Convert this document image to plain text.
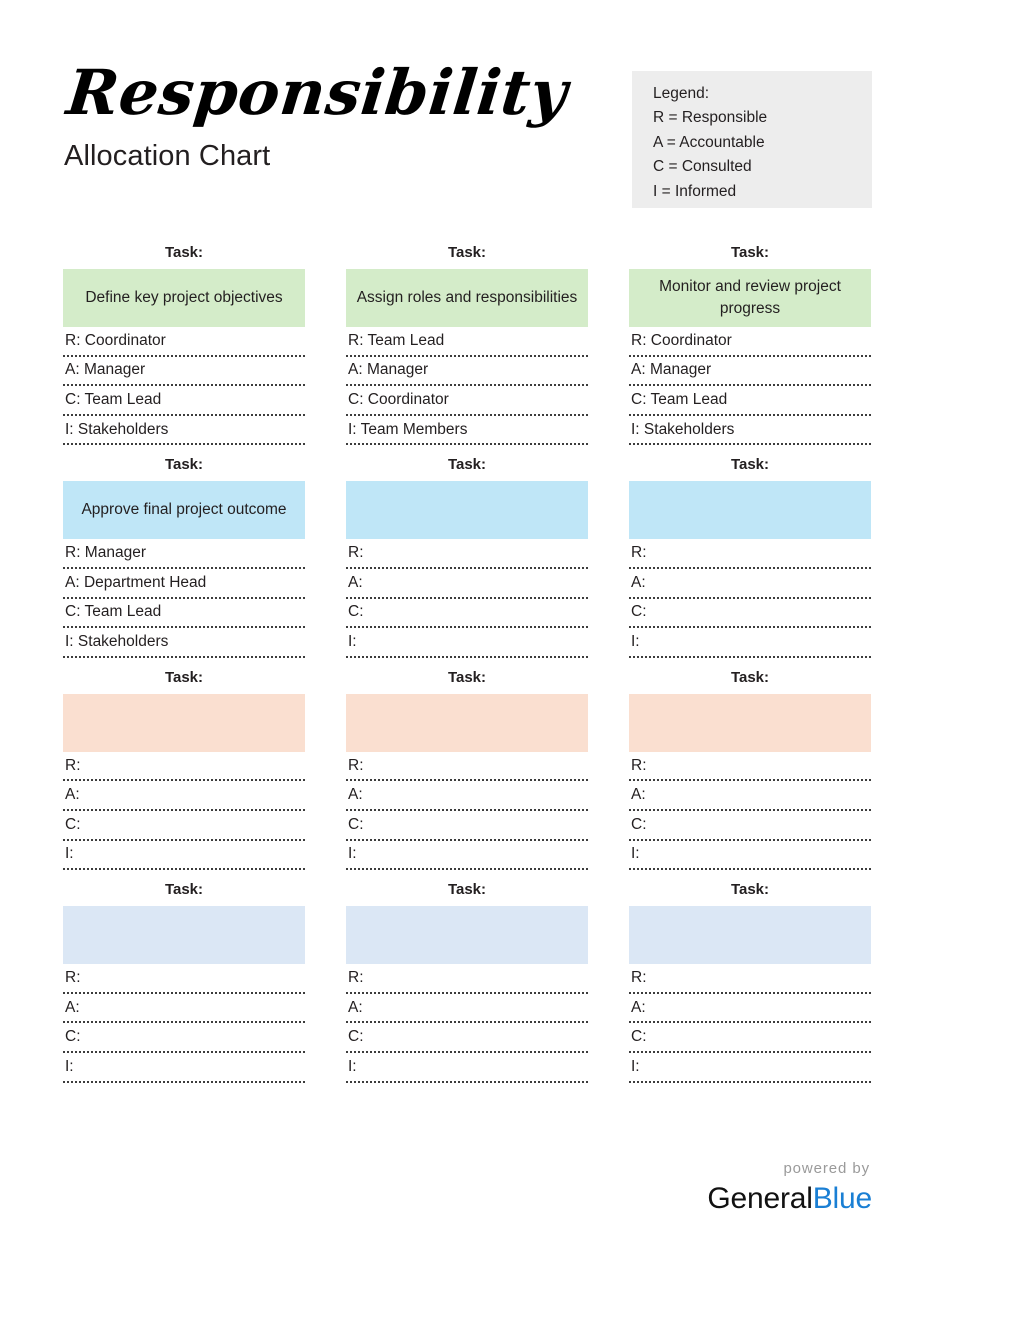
Responsibility
Allocation Chart
Legend:
R = Responsible
A = Accountable
C = Consulted
I = Informed
Task:
Define key project objectives
R: Coordinator
A: Manager
C: Team Lead
I: Stakeholders
Task:
Assign roles and responsibilities
R: Team Lead
A: Manager
C: Coordinator
I: Team Members
Task:
Monitor and review project progress
R: Coordinator
A: Manager
C: Team Lead
I: Stakeholders
Task:
Approve final project outcome
R: Manager
A: Department Head
C: Team Lead
I: Stakeholders
Task:
R:
A:
C:
I:
Task:
R:
A:
C:
I:
Task:
R:
A:
C:
I:
Task:
R:
A:
C:
I:
Task:
R:
A:
C:
I:
Task:
R:
A:
C:
I:
Task:
R:
A:
C:
I:
Task:
R:
A:
C:
I:
powered by
GeneralBlue
